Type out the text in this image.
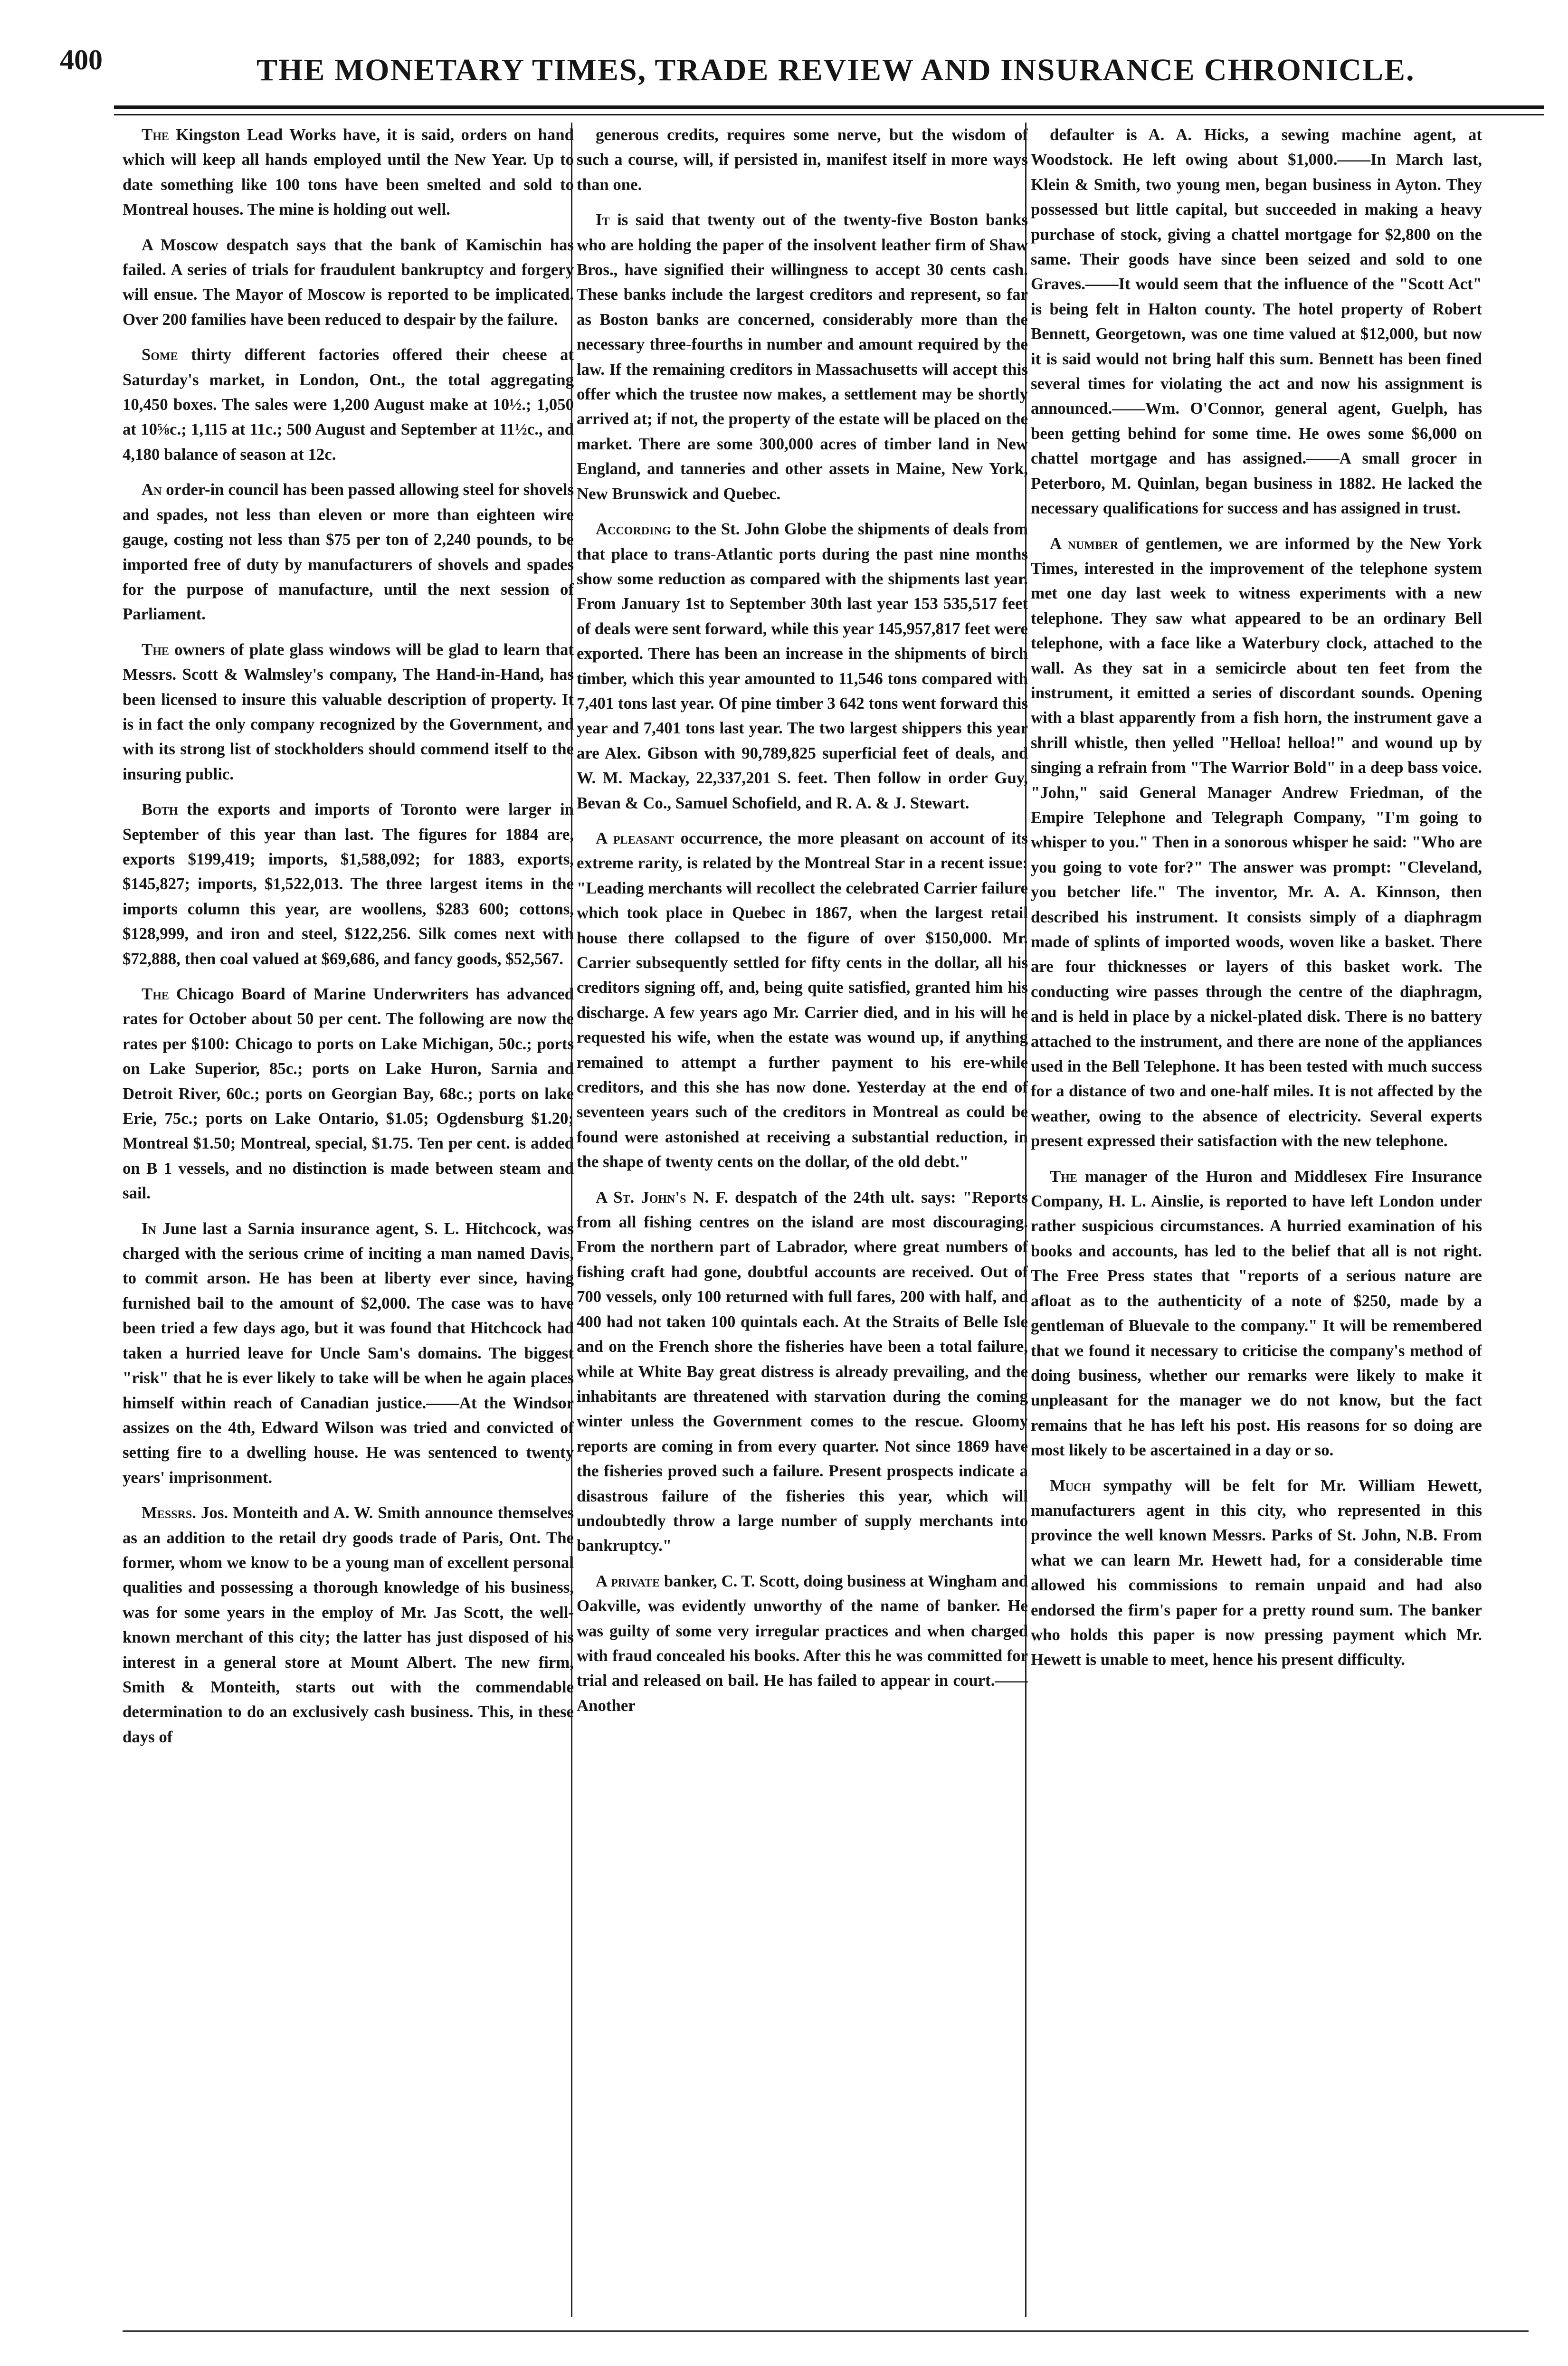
400	THE MONETARY TIMES, TRADE REVIEW AND INSURANCE CHRONICLE.

The Kingston Lead Works have, it is said, orders on hand which will keep all hands employed until the New Year. Up to date something like 100 tons have been smelted and sold to Montreal houses. The mine is holding out well.

A Moscow despatch says that the bank of Kamischin has failed. A series of trials for fraudulent bankruptcy and forgery will ensue. The Mayor of Moscow is reported to be implicated. Over 200 families have been reduced to despair by the failure.

Some thirty different factories offered their cheese at Saturday's market, in London, Ont., the total aggregating 10,450 boxes. The sales were 1,200 August make at 10½.; 1,050 at 10⅝c.; 1,115 at 11c.; 500 August and September at 11½c., and 4,180 balance of season at 12c.

An order-in council has been passed allowing steel for shovels and spades, not less than eleven or more than eighteen wire gauge, costing not less than $75 per ton of 2,240 pounds, to be imported free of duty by manufacturers of shovels and spades for the purpose of manufacture, until the next session of Parliament.

The owners of plate glass windows will be glad to learn that Messrs. Scott & Walmsley's company, The Hand-in-Hand, has been licensed to insure this valuable description of property. It is in fact the only company recognized by the Government, and with its strong list of stockholders should commend itself to the insuring public.

Both the exports and imports of Toronto were larger in September of this year than last. The figures for 1884 are, exports $199,419; imports, $1,588,092; for 1883, exports, $145,827; imports, $1,522,013. The three largest items in the imports column this year, are woollens, $283 600; cottons, $128,999, and iron and steel, $122,256. Silk comes next with $72,888, then coal valued at $69,686, and fancy goods, $52,567.

The Chicago Board of Marine Underwriters has advanced rates for October about 50 per cent. The following are now the rates per $100: Chicago to ports on Lake Michigan, 50c.; ports on Lake Superior, 85c.; ports on Lake Huron, Sarnia and Detroit River, 60c.; ports on Georgian Bay, 68c.; ports on lake Erie, 75c.; ports on Lake Ontario, $1.05; Ogdensburg $1.20; Montreal $1.50; Montreal, special, $1.75. Ten per cent. is added on B 1 vessels, and no distinction is made between steam and sail.

In June last a Sarnia insurance agent, S. L. Hitchcock, was charged with the serious crime of inciting a man named Davis, to commit arson. He has been at liberty ever since, having furnished bail to the amount of $2,000. The case was to have been tried a few days ago, but it was found that Hitchcock had taken a hurried leave for Uncle Sam's domains. The biggest "risk" that he is ever likely to take will be when he again places himself within reach of Canadian justice.——At the Windsor assizes on the 4th, Edward Wilson was tried and convicted of setting fire to a dwelling house. He was sentenced to twenty years' imprisonment.

Messrs. Jos. Monteith and A. W. Smith announce themselves as an addition to the retail dry goods trade of Paris, Ont. The former, whom we know to be a young man of excellent personal qualities and possessing a thorough knowledge of his business, was for some years in the employ of Mr. Jas Scott, the well-known merchant of this city; the latter has just disposed of his interest in a general store at Mount Albert. The new firm, Smith & Monteith, starts out with the commendable determination to do an exclusively cash business. This, in these days of

generous credits, requires some nerve, but the wisdom of such a course, will, if persisted in, manifest itself in more ways than one.

It is said that twenty out of the twenty-five Boston banks who are holding the paper of the insolvent leather firm of Shaw Bros., have signified their willingness to accept 30 cents cash. These banks include the largest creditors and represent, so far as Boston banks are concerned, considerably more than the necessary three-fourths in number and amount required by the law. If the remaining creditors in Massachusetts will accept this offer which the trustee now makes, a settlement may be shortly arrived at; if not, the property of the estate will be placed on the market. There are some 300,000 acres of timber land in New England, and tanneries and other assets in Maine, New York, New Brunswick and Quebec.

According to the St. John Globe the shipments of deals from that place to trans-Atlantic ports during the past nine months show some reduction as compared with the shipments last year. From January 1st to September 30th last year 153 535,517 feet of deals were sent forward, while this year 145,957,817 feet were exported. There has been an increase in the shipments of birch timber, which this year amounted to 11,546 tons compared with 7,401 tons last year. Of pine timber 3 642 tons went forward this year and 7,401 tons last year. The two largest shippers this year are Alex. Gibson with 90,789,825 superficial feet of deals, and W. M. Mackay, 22,337,201 S. feet. Then follow in order Guy, Bevan & Co., Samuel Schofield, and R. A. & J. Stewart.

A pleasant occurrence, the more pleasant on account of its extreme rarity, is related by the Montreal Star in a recent issue: "Leading merchants will recollect the celebrated Carrier failure which took place in Quebec in 1867, when the largest retail house there collapsed to the figure of over $150,000. Mr. Carrier subsequently settled for fifty cents in the dollar, all his creditors signing off, and, being quite satisfied, granted him his discharge. A few years ago Mr. Carrier died, and in his will he requested his wife, when the estate was wound up, if anything remained to attempt a further payment to his ere-while creditors, and this she has now done. Yesterday at the end of seventeen years such of the creditors in Montreal as could be found were astonished at receiving a substantial reduction, in the shape of twenty cents on the dollar, of the old debt."

A St. John's N. F. despatch of the 24th ult. says: "Reports from all fishing centres on the island are most discouraging. From the northern part of Labrador, where great numbers of fishing craft had gone, doubtful accounts are received. Out of 700 vessels, only 100 returned with full fares, 200 with half, and 400 had not taken 100 quintals each. At the Straits of Belle Isle and on the French shore the fisheries have been a total failure, while at White Bay great distress is already prevailing, and the inhabitants are threatened with starvation during the coming winter unless the Government comes to the rescue. Gloomy reports are coming in from every quarter. Not since 1869 have the fisheries proved such a failure. Present prospects indicate a disastrous failure of the fisheries this year, which will undoubtedly throw a large number of supply merchants into bankruptcy."

A private banker, C. T. Scott, doing business at Wingham and Oakville, was evidently unworthy of the name of banker. He was guilty of some very irregular practices and when charged with fraud concealed his books. After this he was committed for trial and released on bail. He has failed to appear in court.——Another

defaulter is A. A. Hicks, a sewing machine agent, at Woodstock. He left owing about $1,000.——In March last, Klein & Smith, two young men, began business in Ayton. They possessed but little capital, but succeeded in making a heavy purchase of stock, giving a chattel mortgage for $2,800 on the same. Their goods have since been seized and sold to one Graves.——It would seem that the influence of the "Scott Act" is being felt in Halton county. The hotel property of Robert Bennett, Georgetown, was one time valued at $12,000, but now it is said would not bring half this sum. Bennett has been fined several times for violating the act and now his assignment is announced.——Wm. O'Connor, general agent, Guelph, has been getting behind for some time. He owes some $6,000 on chattel mortgage and has assigned.——A small grocer in Peterboro, M. Quinlan, began business in 1882. He lacked the necessary qualifications for success and has assigned in trust.

A number of gentlemen, we are informed by the New York Times, interested in the improvement of the telephone system met one day last week to witness experiments with a new telephone. They saw what appeared to be an ordinary Bell telephone, with a face like a Waterbury clock, attached to the wall. As they sat in a semicircle about ten feet from the instrument, it emitted a series of discordant sounds. Opening with a blast apparently from a fish horn, the instrument gave a shrill whistle, then yelled "Helloa! helloa!" and wound up by singing a refrain from "The Warrior Bold" in a deep bass voice. "John," said General Manager Andrew Friedman, of the Empire Telephone and Telegraph Company, "I'm going to whisper to you." Then in a sonorous whisper he said: "Who are you going to vote for?" The answer was prompt: "Cleveland, you betcher life." The inventor, Mr. A. A. Kinnson, then described his instrument. It consists simply of a diaphragm made of splints of imported woods, woven like a basket. There are four thicknesses or layers of this basket work. The conducting wire passes through the centre of the diaphragm, and is held in place by a nickel-plated disk. There is no battery attached to the instrument, and there are none of the appliances used in the Bell Telephone. It has been tested with much success for a distance of two and one-half miles. It is not affected by the weather, owing to the absence of electricity. Several experts present expressed their satisfaction with the new telephone.

The manager of the Huron and Middlesex Fire Insurance Company, H. L. Ainslie, is reported to have left London under rather suspicious circumstances. A hurried examination of his books and accounts, has led to the belief that all is not right. The Free Press states that "reports of a serious nature are afloat as to the authenticity of a note of $250, made by a gentleman of Bluevale to the company." It will be remembered that we found it necessary to criticise the company's method of doing business, whether our remarks were likely to make it unpleasant for the manager we do not know, but the fact remains that he has left his post. His reasons for so doing are most likely to be ascertained in a day or so.

Much sympathy will be felt for Mr. William Hewett, manufacturers agent in this city, who represented in this province the well known Messrs. Parks of St. John, N.B. From what we can learn Mr. Hewett had, for a considerable time allowed his commissions to remain unpaid and had also endorsed the firm's paper for a pretty round sum. The banker who holds this paper is now pressing payment which Mr. Hewett is unable to meet, hence his present difficulty.
